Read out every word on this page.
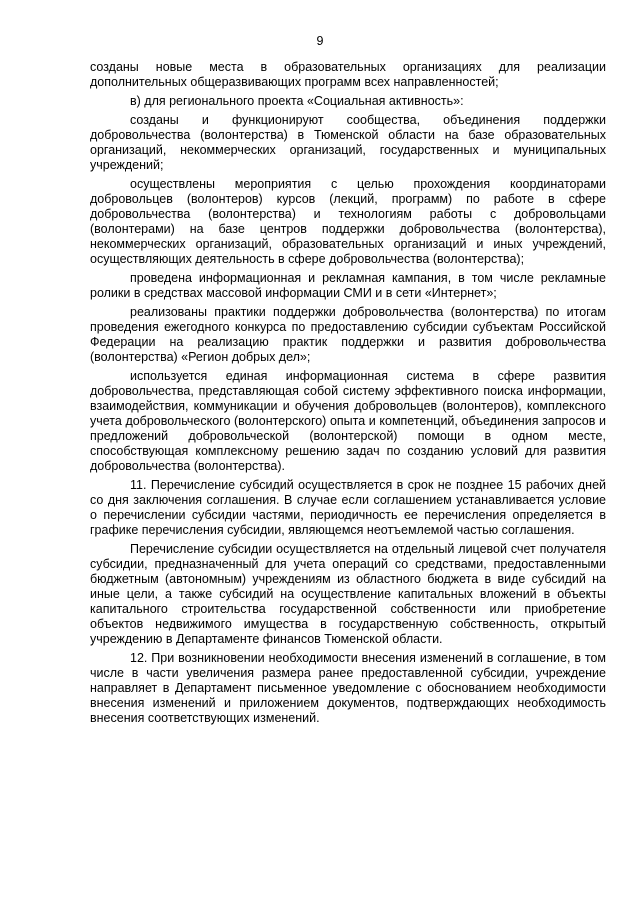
9

созданы новые места в образовательных организациях для реализации дополнительных общеразвивающих программ всех направленностей;

в) для регионального проекта «Социальная активность»:

созданы и функционируют сообщества, объединения поддержки добровольчества (волонтерства) в Тюменской области на базе образовательных организаций, некоммерческих организаций, государственных и муниципальных учреждений;

осуществлены мероприятия с целью прохождения координаторами добровольцев (волонтеров) курсов (лекций, программ) по работе в сфере добровольчества (волонтерства) и технологиям работы с добровольцами (волонтерами) на базе центров поддержки добровольчества (волонтерства), некоммерческих организаций, образовательных организаций и иных учреждений, осуществляющих деятельность в сфере добровольчества (волонтерства);

проведена информационная и рекламная кампания, в том числе рекламные ролики в средствах массовой информации СМИ и в сети «Интернет»;

реализованы практики поддержки добровольчества (волонтерства) по итогам проведения ежегодного конкурса по предоставлению субсидии субъектам Российской Федерации на реализацию практик поддержки и развития добровольчества (волонтерства) «Регион добрых дел»;

используется единая информационная система в сфере развития добровольчества, представляющая собой систему эффективного поиска информации, взаимодействия, коммуникации и обучения добровольцев (волонтеров), комплексного учета добровольческого (волонтерского) опыта и компетенций, объединения запросов и предложений добровольческой (волонтерской) помощи в одном месте, способствующая комплексному решению задач по созданию условий для развития добровольчества (волонтерства).

11. Перечисление субсидий осуществляется в срок не позднее 15 рабочих дней со дня заключения соглашения. В случае если соглашением устанавливается условие о перечислении субсидии частями, периодичность ее перечисления определяется в графике перечисления субсидии, являющемся неотъемлемой частью соглашения.

Перечисление субсидии осуществляется на отдельный лицевой счет получателя субсидии, предназначенный для учета операций со средствами, предоставленными бюджетным (автономным) учреждениям из областного бюджета в виде субсидий на иные цели, а также субсидий на осуществление капитальных вложений в объекты капитального строительства государственной собственности или приобретение объектов недвижимого имущества в государственную собственность, открытый учреждению в Департаменте финансов Тюменской области.

12. При возникновении необходимости внесения изменений в соглашение, в том числе в части увеличения размера ранее предоставленной субсидии, учреждение направляет в Департамент письменное уведомление с обоснованием необходимости внесения изменений и приложением документов, подтверждающих необходимость внесения соответствующих изменений.
